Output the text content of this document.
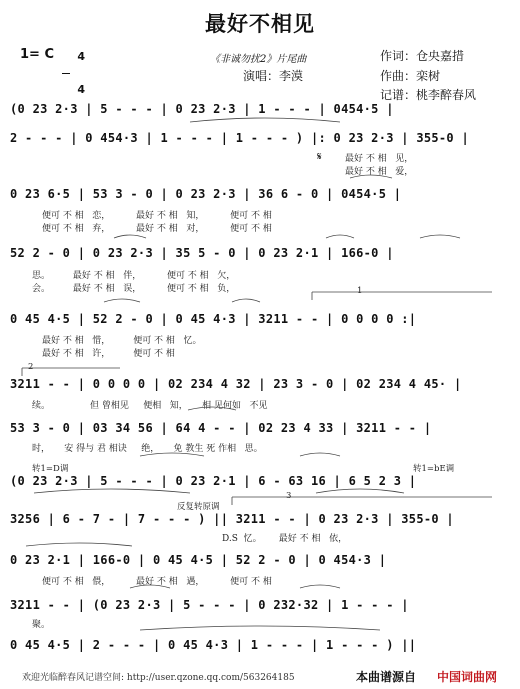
最好不相见
1= C	4

4

《非诚勿扰2》片尾曲
演唱：李漠
作词：仓央嘉措
作曲：栾树
记谱：桃李醉春风
(0 23 2·3 | 5 - - - | 0 23 2·3 | 1 - - - | 0454·5 |
2 - - - | 0 454·3 | 1 - - - | 1 - - - ) |: 0 23 2·3 | 355-0 |
𝄋	最好 不 相   见，
最好 不 相   爱，
0 23 6·5 | 53 3 - 0 | 0 23 2·3 | 36 6 - 0 | 0454·5 |
便可 不 相   恋，         最好 不 相   知，         便可 不 相
便可 不 相   弃，         最好 不 相   对，         便可 不 相
52 2 - 0 | 0 23 2·3 | 35 5 - 0 | 0 23 2·1 | 166-0 |
思。        最好 不 相   伴，         便可 不 相   欠，
会。        最好 不 相   误，         便可 不 相   负，	1
0 45 4·5 | 52 2 - 0 | 0 45 4·3 | 3211 - - | 0 0 0 0 :|
最好 不 相   惜，        便可 不 相   忆。
最好 不 相   许，        便可 不 相
2
3211 - - | 0 0 0 0 | 02 234 4 32 | 23 3 - 0 | 02 234 4 45· |
续。              但 曾相见     便相   知，     相 见何如   不见
53 3 - 0 | 03 34 56 | 64 4 - - | 02 23 4 33 | 3211 - - |
时，     安 得与 君 相诀     绝，     免 教生 死 作相   思。
转1=D调	转1=bE调
(0 23 2·3 | 5 - - - | 0 23 2·1 | 6 - 63 16 | 6 5 2 3 |
反复转原调
3
3256 | 6 - 7 - | 7 - - - ) || 3211 - - | 0 23 2·3 | 355-0 |
D.S  忆。      最好 不 相   依，
0 23 2·1 | 166-0 | 0 45 4·5 | 52 2 - 0 | 0 454·3 |
便可 不 相   偎，         最好 不 相   遇，         便可 不 相
3211 - - | (0 23 2·3 | 5 - - - | 0 232·32 | 1 - - - |
聚。
0 45 4·5 | 2 - - - | 0 45 4·3 | 1 - - - | 1 - - - ) ||
欢迎光临醉春风记谱空间: http://user.qzone.qq.com/563264185	本曲谱源自 中国词曲网
